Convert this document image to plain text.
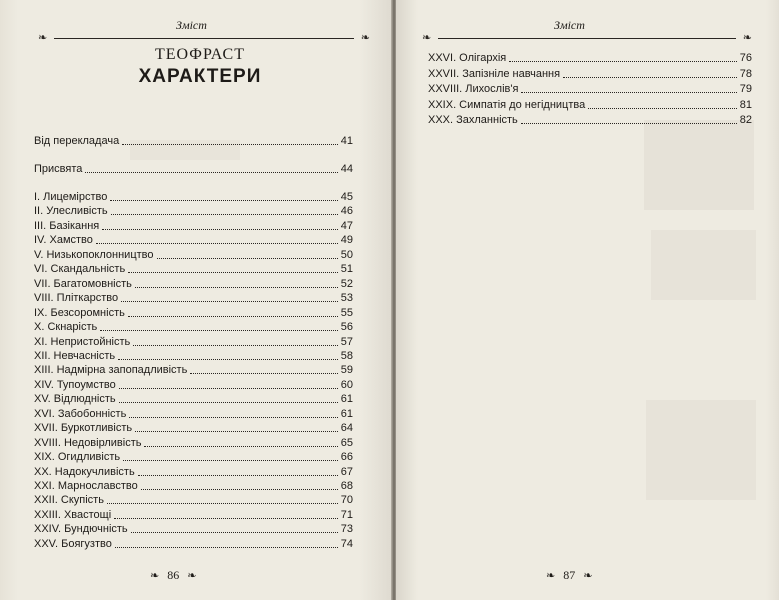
Зміст
❧	❧
ТЕОФРАСТ
ХАРАКТЕРИ
Від перекладача	41
Присвята	44
I. Лицемірство	45
II. Улесливість	46
III. Базікання	47
IV. Хамство	49
V. Низькопоклонництво	50
VI. Скандальність	51
VII. Багатомовність	52
VIII. Пліткарство	53
IX. Безсоромність	55
X. Скнарість	56
XI. Непристойність	57
XII. Невчасність	58
XIII. Надмірна запопадливість	59
XIV. Тупоумство	60
XV. Відлюдність	61
XVI. Забобонність	61
XVII. Буркотливість	64
XVIII. Недовірливість	65
XIX. Огидливість	66
XX. Надокучливість	67
XXI. Марнославство	68
XXII. Скупість	70
XXIII. Хвастощі	71
XXIV. Бундючність	73
XXV. Боягузтво	74
❧ 86 ❧
Зміст
❧	❧
XXVI. Олігархія	76
XXVII. Запізніле навчання	78
XXVIII. Лихослів'я	79
XXIX. Симпатія до негідництва	81
XXX. Захланність	82
❧ 87 ❧
